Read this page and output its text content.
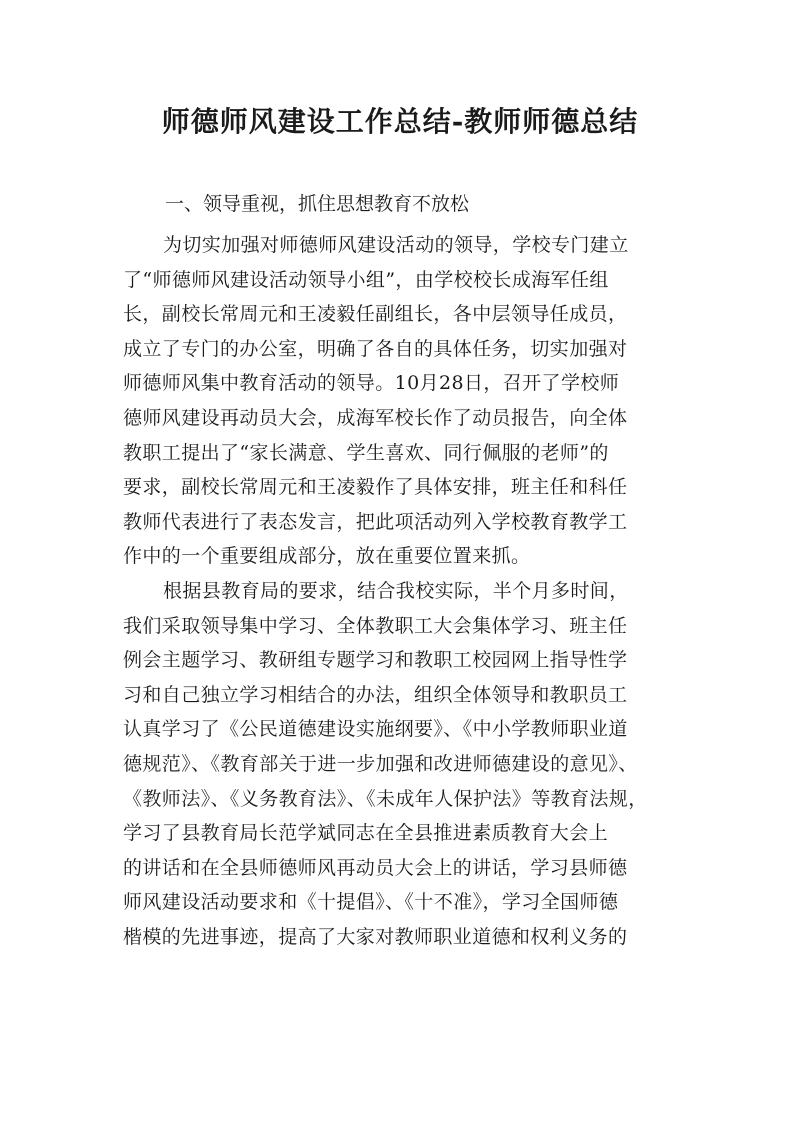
师德师风建设工作总结-教师师德总结

一、领导重视，抓住思想教育不放松

为切实加强对师德师风建设活动的领导，学校专门建立
了“师德师风建设活动领导小组”，由学校校长成海军任组
长，副校长常周元和王凌毅任副组长，各中层领导任成员，
成立了专门的办公室，明确了各自的具体任务，切实加强对
师德师风集中教育活动的领导。10月28日，召开了学校师
德师风建设再动员大会，成海军校长作了动员报告，向全体
教职工提出了“家长满意、学生喜欢、同行佩服的老师”的
要求，副校长常周元和王凌毅作了具体安排，班主任和科任
教师代表进行了表态发言，把此项活动列入学校教育教学工
作中的一个重要组成部分，放在重要位置来抓。
根据县教育局的要求，结合我校实际，半个月多时间，
我们采取领导集中学习、全体教职工大会集体学习、班主任
例会主题学习、教研组专题学习和教职工校园网上指导性学
习和自己独立学习相结合的办法，组织全体领导和教职员工
认真学习了《公民道德建设实施纲要》、《中小学教师职业道
德规范》、《教育部关于进一步加强和改进师德建设的意见》、
《教师法》、《义务教育法》、《未成年人保护法》等教育法规，
学习了县教育局长范学斌同志在全县推进素质教育大会上
的讲话和在全县师德师风再动员大会上的讲话，学习县师德
师风建设活动要求和《十提倡》、《十不准》，学习全国师德
楷模的先进事迹，提高了大家对教师职业道德和权利义务的
